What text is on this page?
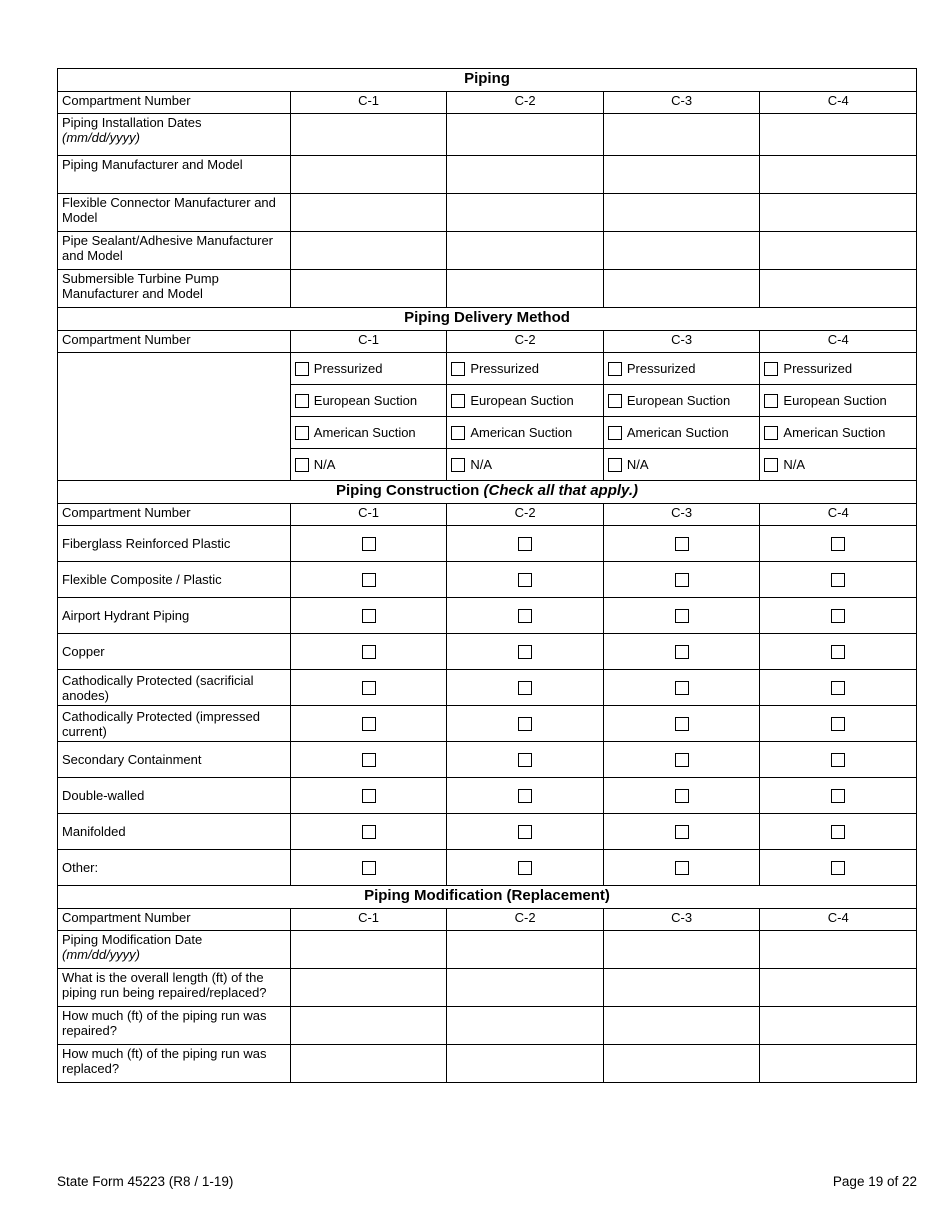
Piping				
Compartment Number	C-1	C-2	C-3	C-4

Piping Installation Dates
(mm/dd/yyyy)				

Piping Manufacturer and Model				
Flexible Connector Manufacturer and Model				
Pipe Sealant/Adhesive Manufacturer and Model				
Submersible Turbine Pump Manufacturer and Model				
Piping Delivery Method				
Compartment Number	C-1	C-2	C-3	C-4
	Pressurized	Pressurized	Pressurized	Pressurized
	European Suction	European Suction	European Suction	European Suction
	American Suction	American Suction	American Suction	American Suction
	N/A	N/A	N/A	N/A
Piping Construction (Check all that apply.)				
Compartment Number	C-1	C-2	C-3	C-4
Fiberglass Reinforced Plastic				
Flexible Composite / Plastic				
Airport Hydrant Piping				
Copper				
Cathodically Protected (sacrificial anodes)				
Cathodically Protected (impressed current)				
Secondary Containment				
Double-walled				
Manifolded				
Other:				
Piping Modification (Replacement)				
Compartment Number	C-1	C-2	C-3	C-4

Piping Modification Date
(mm/dd/yyyy)				

What is the overall length (ft) of the piping run being repaired/replaced?				
How much (ft) of the piping run was repaired?				
How much (ft) of the piping run was replaced?				
State Form 45223 (R8 / 1-19)	Page 19 of 22
